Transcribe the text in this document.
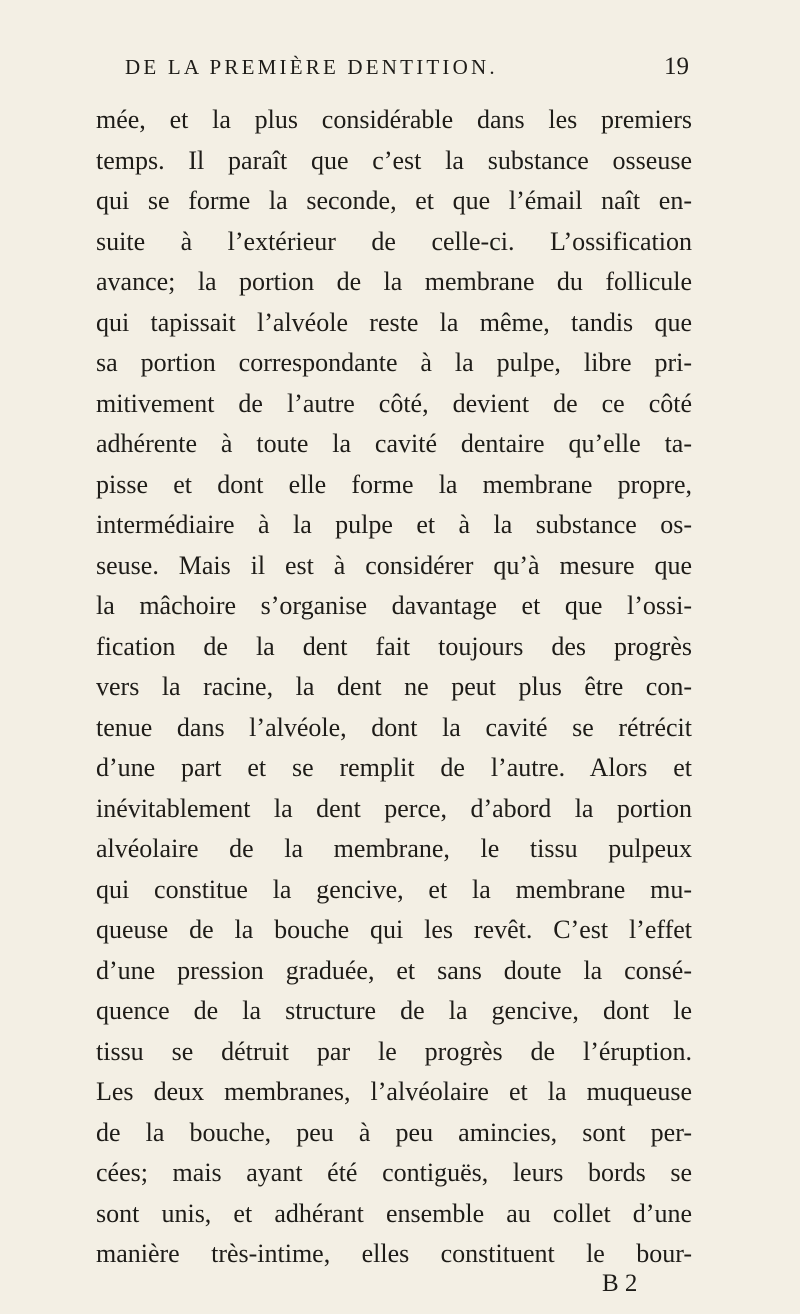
DE LA PREMIÈRE DENTITION.	19
mée, et la plus considérable dans les premiers
temps. Il paraît que c’est la substance osseuse
qui se forme la seconde, et que l’émail naît en-
suite à l’extérieur de celle-ci. L’ossification
avance; la portion de la membrane du follicule
qui tapissait l’alvéole reste la même, tandis que
sa portion correspondante à la pulpe, libre pri-
mitivement de l’autre côté, devient de ce côté
adhérente à toute la cavité dentaire qu’elle ta-
pisse et dont elle forme la membrane propre,
intermédiaire à la pulpe et à la substance os-
seuse. Mais il est à considérer qu’à mesure que
la mâchoire s’organise davantage et que l’ossi-
fication de la dent fait toujours des progrès
vers la racine, la dent ne peut plus être con-
tenue dans l’alvéole, dont la cavité se rétrécit
d’une part et se remplit de l’autre. Alors et
inévitablement la dent perce, d’abord la portion
alvéolaire de la membrane, le tissu pulpeux
qui constitue la gencive, et la membrane mu-
queuse de la bouche qui les revêt. C’est l’effet
d’une pression graduée, et sans doute la consé-
quence de la structure de la gencive, dont le
tissu se détruit par le progrès de l’éruption.
Les deux membranes, l’alvéolaire et la muqueuse
de la bouche, peu à peu amincies, sont per-
cées; mais ayant été contiguës, leurs bords se
sont unis, et adhérant ensemble au collet d’une
manière très-intime, elles constituent le bour-
B 2
